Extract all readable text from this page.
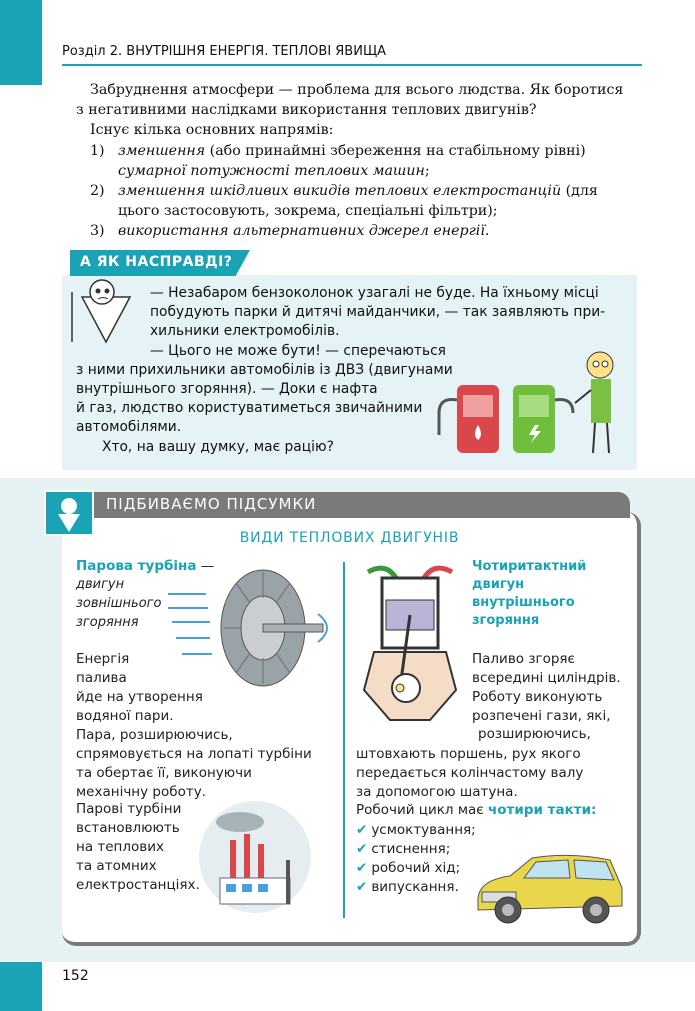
Розділ 2. ВНУТРІШНЯ ЕНЕРГІЯ. ТЕПЛОВІ ЯВИЩА
Забруднення атмосфери — проблема для всього людства. Як боротися
з негативними наслідками використання теплових двигунів?
Існує кілька основних напрямів:
1) зменшення (або принаймні збереження на стабільному рівні)
сумарної потужності теплових машин;
2) зменшення шкідливих викидів теплових електростанцій (для
цього застосовують, зокрема, спеціальні фільтри);
3) використання альтернативних джерел енергії.
А ЯК НАСПРАВДІ?
— Незабаром бензоколонок узагалі не буде. На їхньому місці
побудують парки й дитячі майданчики, — так заявляють при-
хильники електромобілів.
— Цього не може бути! — сперечаються
з ними прихильники автомобілів із ДВЗ (двигунами
внутрішнього згоряння). — Доки є нафта
й газ, людство користуватиметься звичайними
автомобілями.
Хто, на вашу думку, має рацію?
ПІДБИВАЄМО ПІДСУМКИ
ВИДИ ТЕПЛОВИХ ДВИГУНІВ
Парова турбіна —
двигун
зовнішнього
згоряння
Енергія
палива
йде на утворення
водяної пари.
Пара, розширюючись,
спрямовується на лопаті турбіни
та обертає її, виконуючи
механічну роботу.
Парові турбіни
встановлюють
на теплових
та атомних
електростанціях.
Чотиритактний
двигун
внутрішнього
згоряння
Паливо згоряє
всередині циліндрів.
Роботу виконують
розпечені гази, які,
розширюючись,
штовхають поршень, рух якого
передається колінчастому валу
за допомогою шатуна.
Робочий цикл має чотири такти:
✔ усмоктування;
✔ стиснення;
✔ робочий хід;
✔ випускання.
152
